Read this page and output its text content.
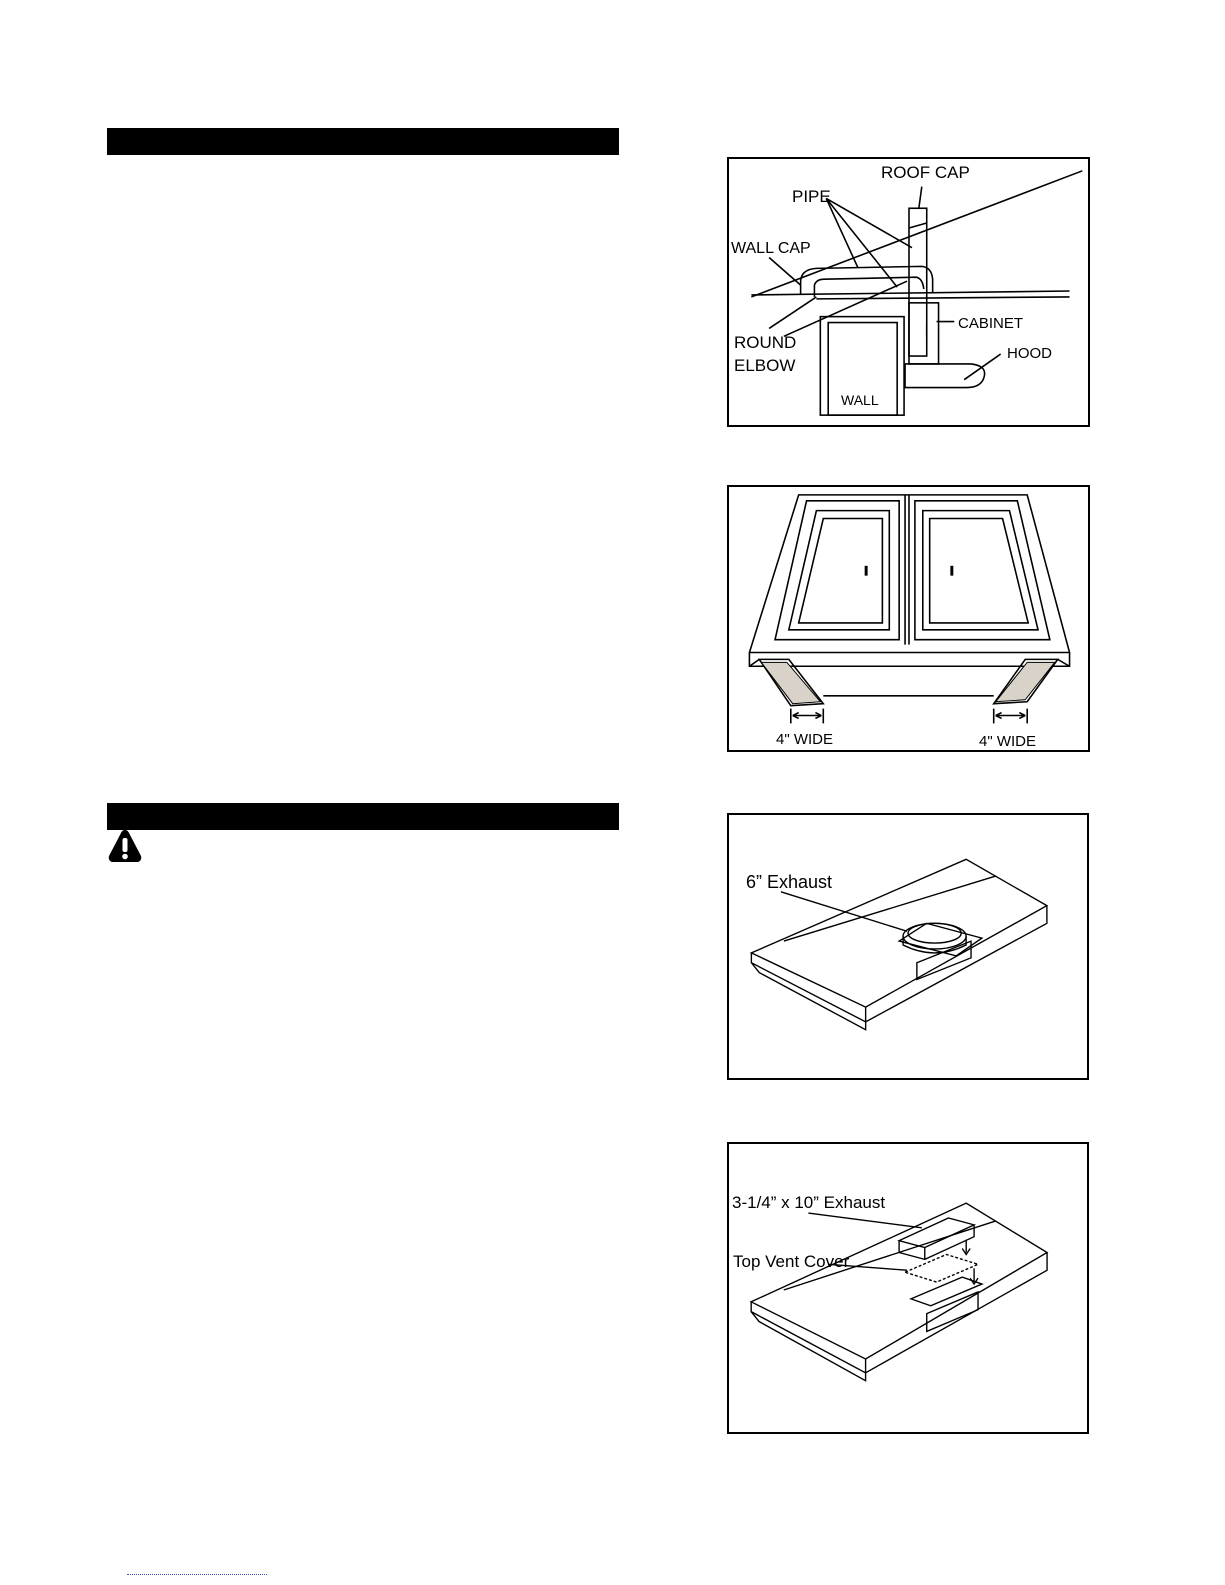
ROOF CAP
PIPE
WALL CAP
CABINET
HOOD
ROUND
ELBOW
WALL
4" WIDE	4" WIDE
6” Exhaust
3-1/4” x 10” Exhaust
Top Vent Cover
